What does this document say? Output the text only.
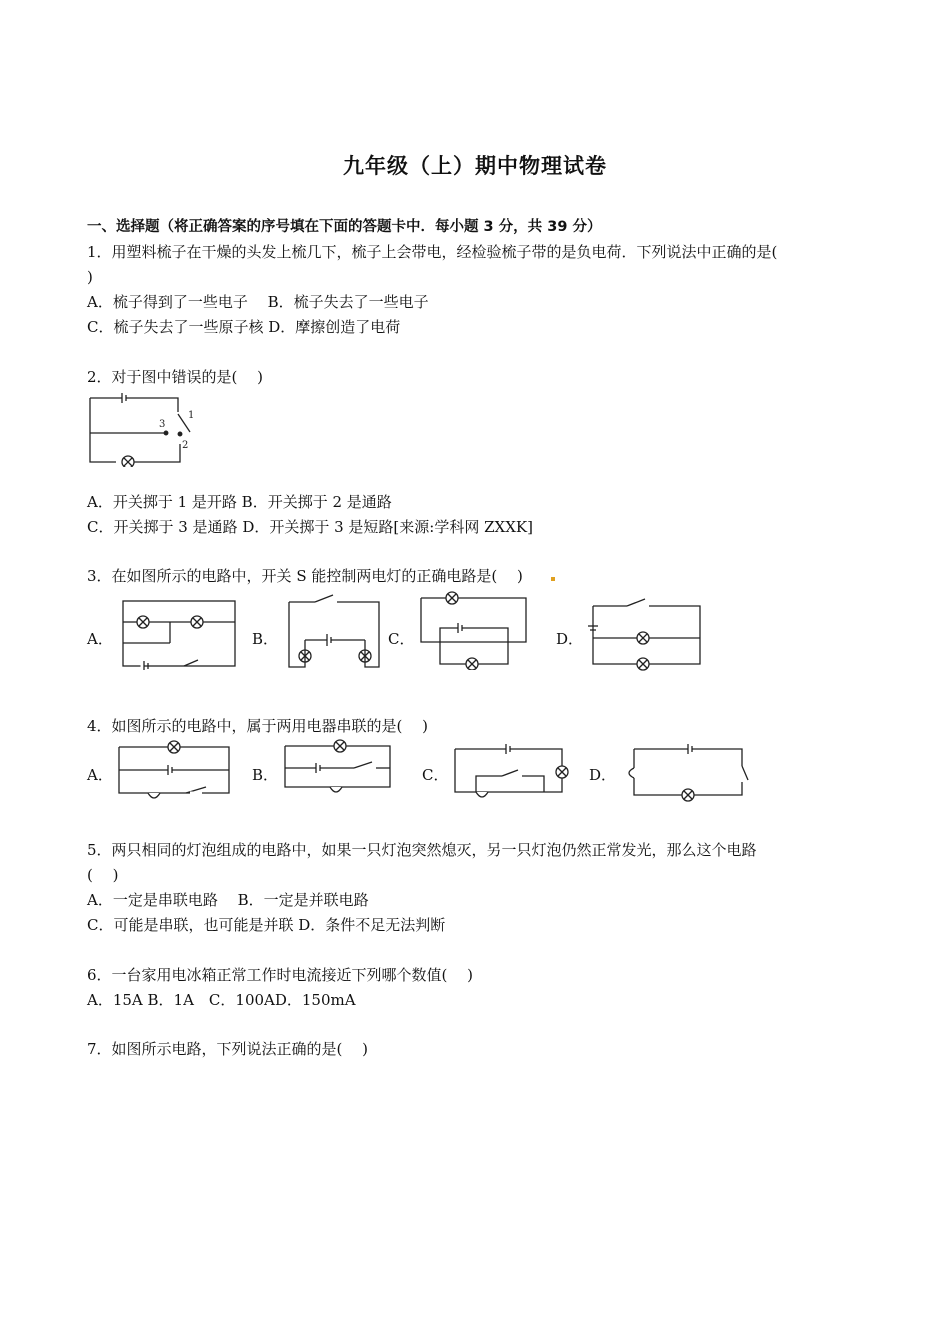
九年级（上）期中物理试卷
一、选择题（将正确答案的序号填在下面的答题卡中．每小题 3 分，共 39 分）
1．用塑料梳子在干燥的头发上梳几下，梳子上会带电，经检验梳子带的是负电荷．下列说法中正确的是(
)
A．梳子得到了一些电子　 B．梳子失去了一些电子
C．梳子失去了一些原子核 D．摩擦创造了电荷
2．对于图中错误的是(　 )
3
1
2
A．开关掷于 1 是开路 B．开关掷于 2 是通路
C．开关掷于 3 是通路 D．开关掷于 3 是短路[来源:学科网 ZXXK]
3．在如图所示的电路中，开关 S 能控制两电灯的正确电路是(　 )
A．	B．	C．	D．
4．如图所示的电路中，属于两用电器串联的是(　 )
A．	B．	C．	D．
5．两只相同的灯泡组成的电路中，如果一只灯泡突然熄灭，另一只灯泡仍然正常发光，那么这个电路
(　 )
A．一定是串联电路　 B．一定是并联电路
C．可能是串联，也可能是并联 D．条件不足无法判断
6．一台家用电冰箱正常工作时电流接近下列哪个数值(　 )
A．15A B．1A　C．100AD．150mA
7．如图所示电路，下列说法正确的是(　 )
